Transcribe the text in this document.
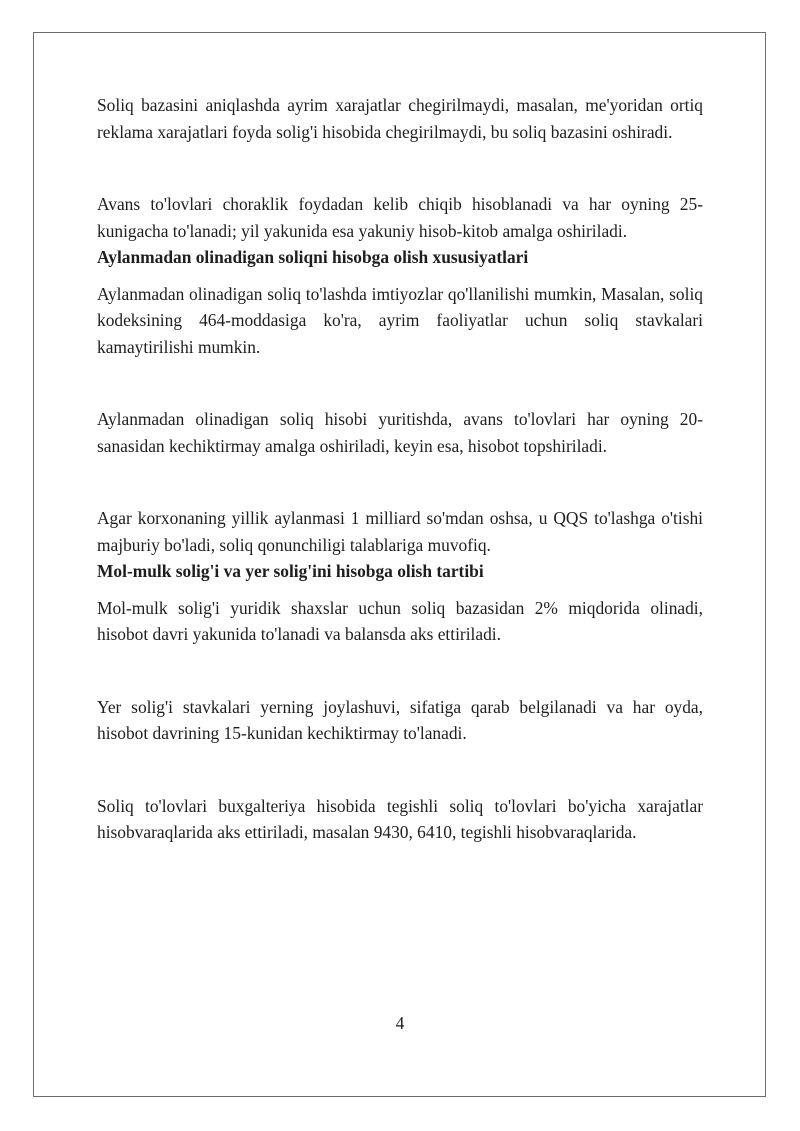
Soliq bazasini aniqlashda ayrim xarajatlar chegirilmaydi, masalan, me'yoridan ortiq reklama xarajatlari foyda solig'i hisobida chegirilmaydi, bu soliq bazasini oshiradi.

Avans to'lovlari choraklik foydadan kelib chiqib hisoblanadi va har oyning 25-kunigacha to'lanadi; yil yakunida esa yakuniy hisob-kitob amalga oshiriladi.

Aylanmadan olinadigan soliqni hisobga olish xususiyatlari

Aylanmadan olinadigan soliq to'lashda imtiyozlar qo'llanilishi mumkin, Masalan, soliq kodeksining 464-moddasiga ko'ra, ayrim faoliyatlar uchun soliq stavkalari kamaytirilishi mumkin.

Aylanmadan olinadigan soliq hisobi yuritishda, avans to'lovlari har oyning 20-sanasidan kechiktirmay amalga oshiriladi, keyin esa, hisobot topshiriladi.

Agar korxonaning yillik aylanmasi 1 milliard so'mdan oshsa, u QQS to'lashga o'tishi majburiy bo'ladi, soliq qonunchiligi talablariga muvofiq.

Mol-mulk solig'i va yer solig'ini hisobga olish tartibi

Mol-mulk solig'i yuridik shaxslar uchun soliq bazasidan 2% miqdorida olinadi, hisobot davri yakunida to'lanadi va balansda aks ettiriladi.

Yer solig'i stavkalari yerning joylashuvi, sifatiga qarab belgilanadi va har oyda, hisobot davrining 15-kunidan kechiktirmay to'lanadi.

Soliq to'lovlari buxgalteriya hisobida tegishli soliq to'lovlari bo'yicha xarajatlar hisobvaraqlarida aks ettiriladi, masalan 9430, 6410, tegishli hisobvaraqlarida.

4
